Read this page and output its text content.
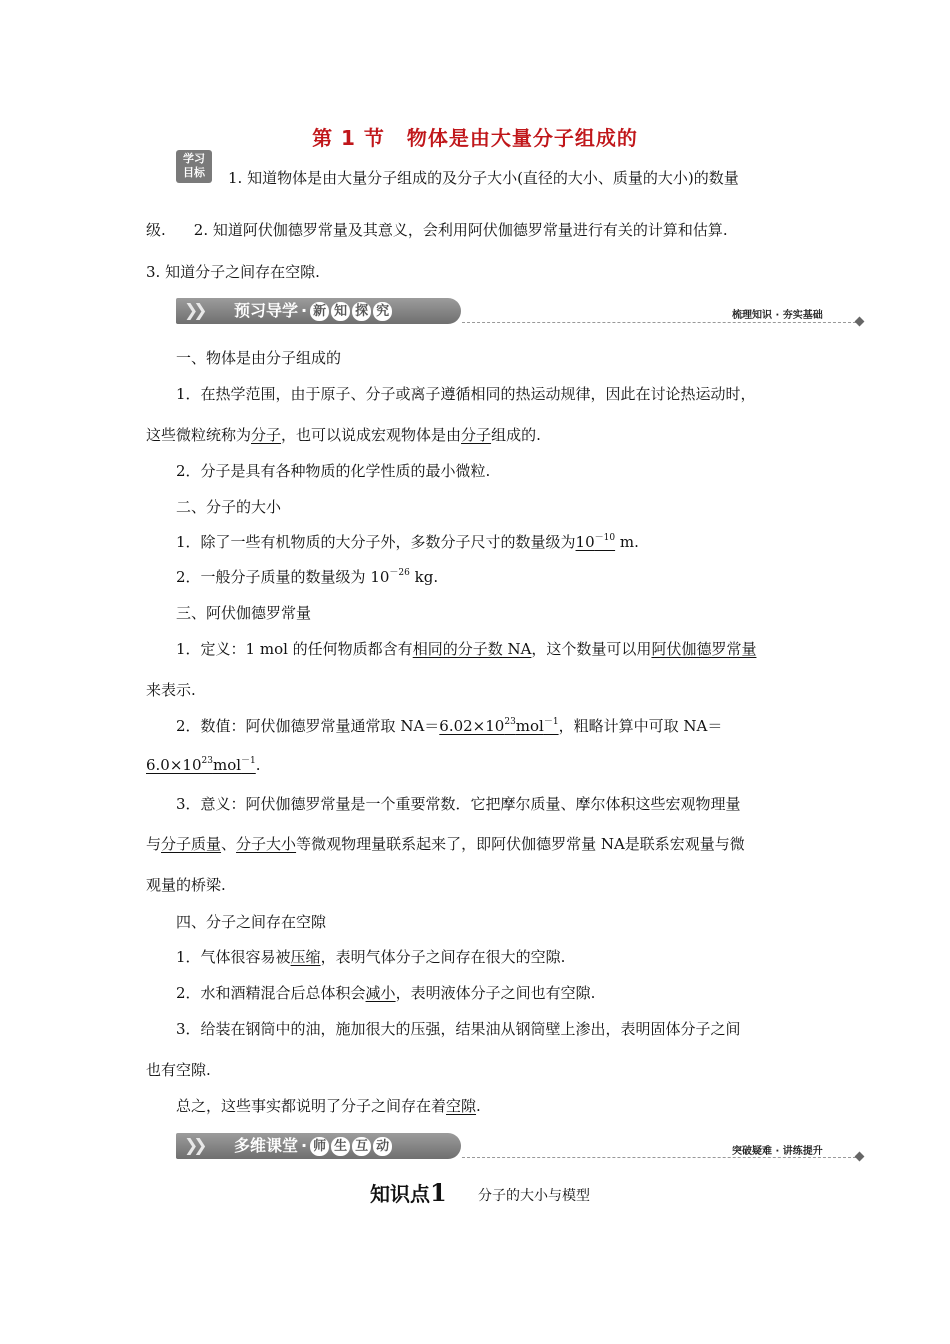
第 1 节 物体是由大量分子组成的
学习
目标	1. 知道物体是由大量分子组成的及分子大小(直径的大小、质量的大小)的数量
级. 2. 知道阿伏伽德罗常量及其意义，会利用阿伏伽德罗常量进行有关的计算和估算.
3. 知道分子之间存在空隙.
❯❯ 预习导学 · 新 知 探 究	梳理知识 · 夯实基础
一、物体是由分子组成的
1．在热学范围，由于原子、分子或离子遵循相同的热运动规律，因此在讨论热运动时，
这些微粒统称为分子，也可以说成宏观物体是由分子组成的.
2．分子是具有各种物质的化学性质的最小微粒.
二、分子的大小
1．除了一些有机物质的大分子外，多数分子尺寸的数量级为$10^{-10}$ m.
2．一般分子质量的数量级为 $10^{-26}$ kg.
三、阿伏伽德罗常量
1．定义：1 mol 的任何物质都含有相同的分子数 NA，这个数量可以用阿伏伽德罗常量
来表示.
2．数值：阿伏伽德罗常量通常取 $NA=6.02\times 10^{23}mol^{-1}$，粗略计算中可取 NA＝
$6.0\times 10^{23}mol^{-1}$.
3．意义：阿伏伽德罗常量是一个重要常数．它把摩尔质量、摩尔体积这些宏观物理量
与分子质量、分子大小等微观物理量联系起来了，即阿伏伽德罗常量 NA是联系宏观量与微
观量的桥梁.
四、分子之间存在空隙
1．气体很容易被压缩，表明气体分子之间存在很大的空隙.
2．水和酒精混合后总体积会减小，表明液体分子之间也有空隙.
3．给装在钢筒中的油，施加很大的压强，结果油从钢筒壁上渗出，表明固体分子之间
也有空隙.
总之，这些事实都说明了分子之间存在着空隙.
❯❯ 多维课堂 · 师 生 互 动	突破疑难 · 讲练提升
知识点1 分子的大小与模型
